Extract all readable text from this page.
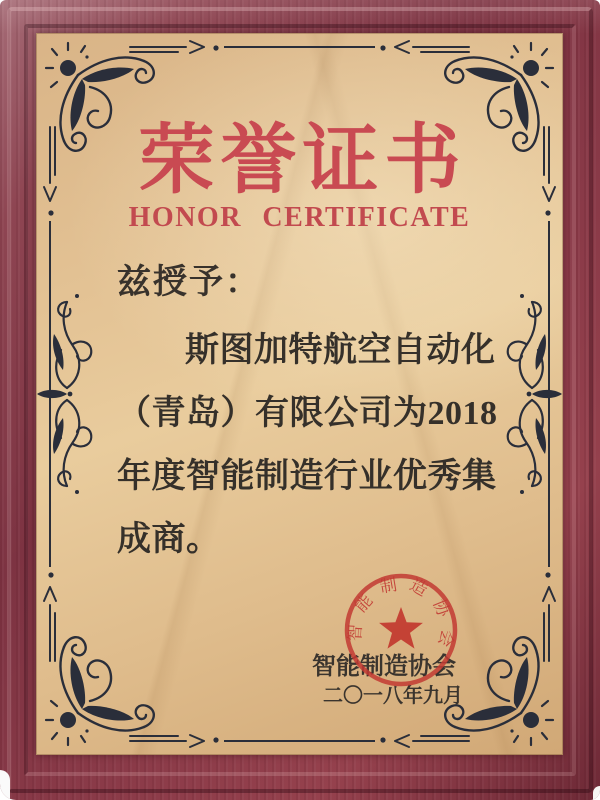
荣誉证书
HONOR CERTIFICATE
兹授予：
斯图加特航空自动化
（青岛）有限公司为2018
年度智能制造行业优秀集
成商。
智能制造协会
二〇一八年九月
智能制造协会
